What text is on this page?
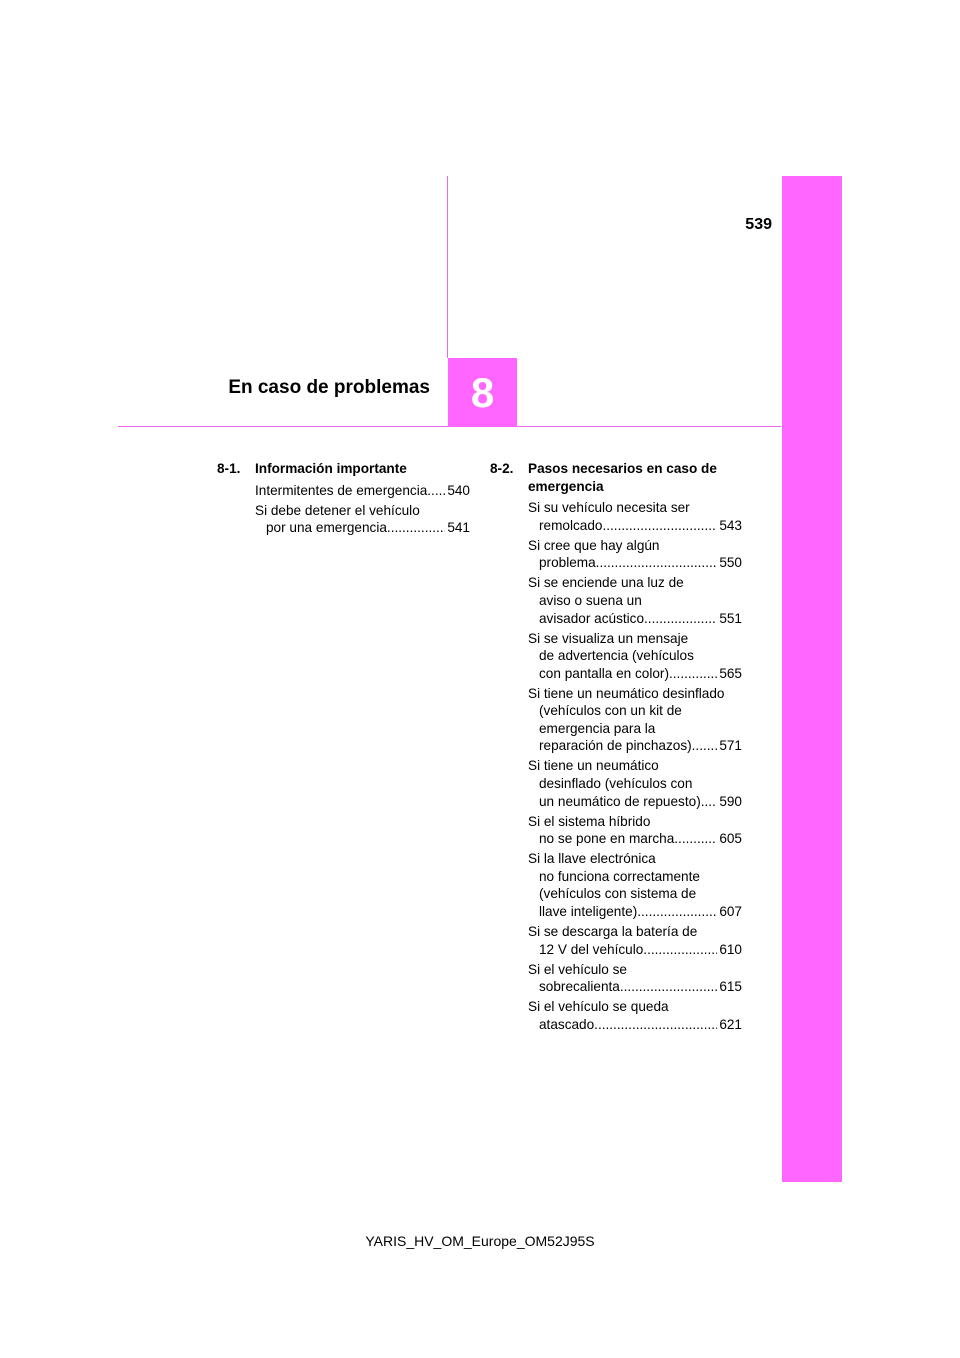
539
En caso de problemas 8
8-1.	Información importante
Intermitentes de emergencia ..... 540
Si debe detener el vehículo
por una emergencia .....	541
8-2.	Pasos necesarios en caso de emergencia
Si su vehículo necesita ser
remolcado .....	543
Si cree que hay algún
problema .....	550
Si se enciende una luz de
aviso o suena un
avisador acústico .....	551
Si se visualiza un mensaje
de advertencia (vehículos
con pantalla en color) .....	565
Si tiene un neumático desinflado
(vehículos con un kit de
emergencia para la
reparación de pinchazos) ..... 571
Si tiene un neumático
desinflado (vehículos con
un neumático de repuesto) ..... 590
Si el sistema híbrido
no se pone en marcha .....	605
Si la llave electrónica
no funciona correctamente
(vehículos con sistema de
llave inteligente) .....	607
Si se descarga la batería de
12 V del vehículo .....	610
Si el vehículo se
sobrecalienta .....	615
Si el vehículo se queda
atascado .....	621
YARIS_HV_OM_Europe_OM52J95S
